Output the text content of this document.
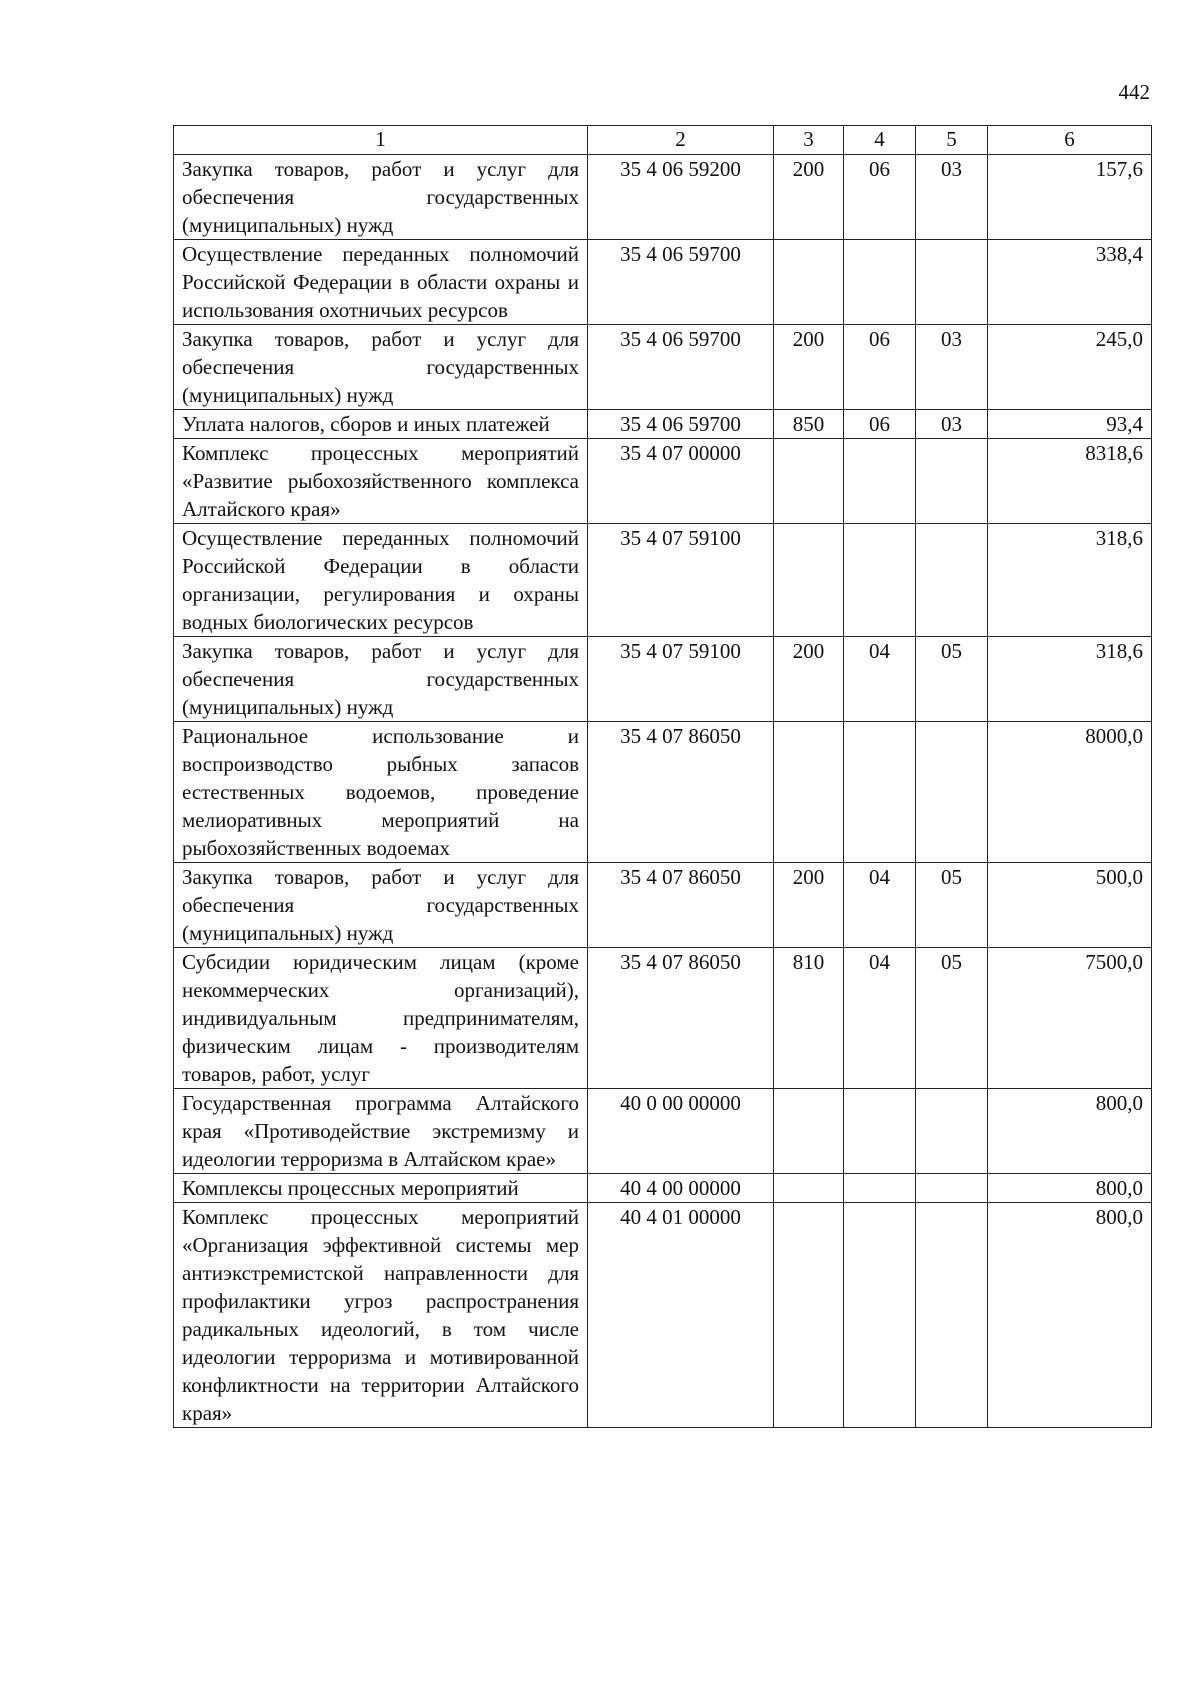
442
1	2	3	4	5	6
Закупка товаров, работ и услуг для обеспечения государственных (муниципальных) нужд	35 4 06 59200	200	06	03	157,6
Осуществление переданных полномочий Российской Федерации в области охраны и использования охотничьих ресурсов	35 4 06 59700				338,4
Закупка товаров, работ и услуг для обеспечения государственных (муниципальных) нужд	35 4 06 59700	200	06	03	245,0
Уплата налогов, сборов и иных платежей	35 4 06 59700	850	06	03	93,4
Комплекс процессных мероприятий «Развитие рыбохозяйственного комплекса Алтайского края»	35 4 07 00000				8318,6
Осуществление переданных полномочий Российской Федерации в области организации, регулирования и охраны водных биологических ресурсов	35 4 07 59100				318,6
Закупка товаров, работ и услуг для обеспечения государственных (муниципальных) нужд	35 4 07 59100	200	04	05	318,6
Рациональное использование и воспроизводство рыбных запасов естественных водоемов, проведение мелиоративных мероприятий на рыбохозяйственных водоемах	35 4 07 86050				8000,0
Закупка товаров, работ и услуг для обеспечения государственных (муниципальных) нужд	35 4 07 86050	200	04	05	500,0
Субсидии юридическим лицам (кроме некоммерческих организаций), индивидуальным предпринимателям, физическим лицам - производителям товаров, работ, услуг	35 4 07 86050	810	04	05	7500,0
Государственная программа Алтайского края «Противодействие экстремизму и идеологии терроризма в Алтайском крае»	40 0 00 00000				800,0
Комплексы процессных мероприятий	40 4 00 00000				800,0
Комплекс процессных мероприятий «Организация эффективной системы мер антиэкстремистской направленности для профилактики угроз распространения радикальных идеологий, в том числе идеологии терроризма и мотивированной конфликтности на территории Алтайского края»	40 4 01 00000				800,0
